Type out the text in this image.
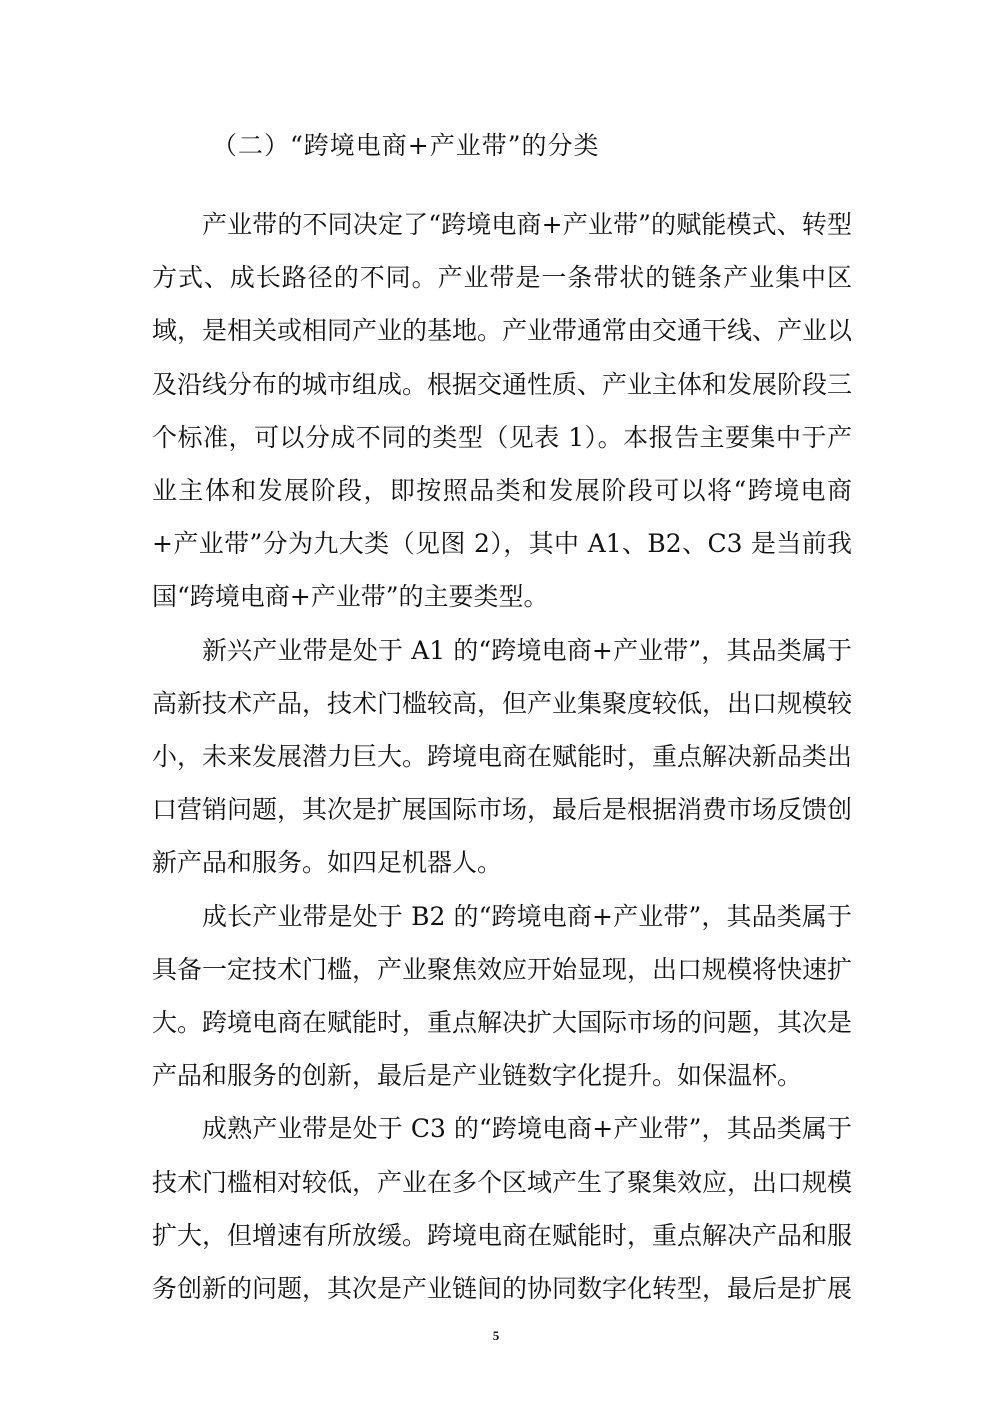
（二）“跨境电商+产业带”的分类

产业带的不同决定了“跨境电商+产业带”的赋能模式、转型方式、成长路径的不同。产业带是一条带状的链条产业集中区域，是相关或相同产业的基地。产业带通常由交通干线、产业以及沿线分布的城市组成。根据交通性质、产业主体和发展阶段三个标准，可以分成不同的类型（见表 1）。本报告主要集中于产业主体和发展阶段，即按照品类和发展阶段可以将“跨境电商+产业带”分为九大类（见图 2），其中 A1、B2、C3 是当前我国“跨境电商+产业带”的主要类型。

新兴产业带是处于 A1 的“跨境电商+产业带”，其品类属于高新技术产品，技术门槛较高，但产业集聚度较低，出口规模较小，未来发展潜力巨大。跨境电商在赋能时，重点解决新品类出口营销问题，其次是扩展国际市场，最后是根据消费市场反馈创新产品和服务。如四足机器人。

成长产业带是处于 B2 的“跨境电商+产业带”，其品类属于具备一定技术门槛，产业聚焦效应开始显现，出口规模将快速扩大。跨境电商在赋能时，重点解决扩大国际市场的问题，其次是产品和服务的创新，最后是产业链数字化提升。如保温杯。

成熟产业带是处于 C3 的“跨境电商+产业带”，其品类属于技术门槛相对较低，产业在多个区域产生了聚集效应，出口规模扩大，但增速有所放缓。跨境电商在赋能时，重点解决产品和服务创新的问题，其次是产业链间的协同数字化转型，最后是扩展

5
